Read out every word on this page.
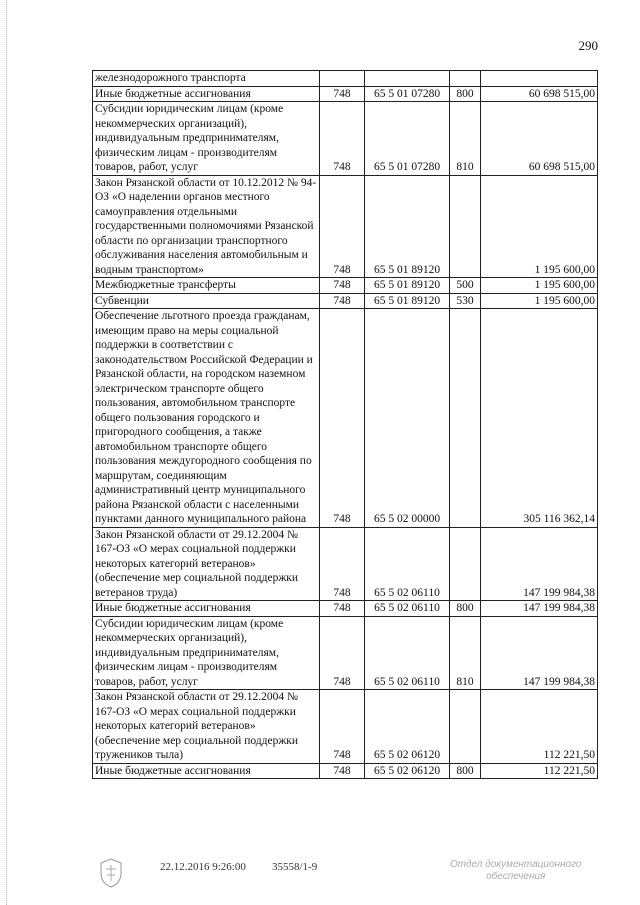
290
железнодорожного транспорта				
Иные бюджетные ассигнования	748	65 5 01 07280	800	60 698 515,00
Субсидии юридическим лицам (кроме некоммерческих организаций), индивидуальным предпринимателям, физическим лицам - производителям товаров, работ, услуг	748	65 5 01 07280	810	60 698 515,00
Закон Рязанской области от 10.12.2012 № 94-ОЗ «О наделении органов местного самоуправления отдельными государственными полномочиями Рязанской области по организации транспортного обслуживания населения автомобильным и водным транспортом»	748	65 5 01 89120		1 195 600,00
Межбюджетные трансферты	748	65 5 01 89120	500	1 195 600,00
Субвенции	748	65 5 01 89120	530	1 195 600,00
Обеспечение льготного проезда гражданам, имеющим право на меры социальной поддержки в соответствии с законодательством Российской Федерации и Рязанской области, на городском наземном электрическом транспорте общего пользования, автомобильном транспорте общего пользования городского и пригородного сообщения, а также автомобильном транспорте общего пользования междугородного сообщения по маршрутам, соединяющим административный центр муниципального района Рязанской области с населенными пунктами данного муниципального района	748	65 5 02 00000		305 116 362,14
Закон Рязанской области от 29.12.2004 № 167-ОЗ «О мерах социальной поддержки некоторых категорий ветеранов» (обеспечение мер социальной поддержки ветеранов труда)	748	65 5 02 06110		147 199 984,38
Иные бюджетные ассигнования	748	65 5 02 06110	800	147 199 984,38
Субсидии юридическим лицам (кроме некоммерческих организаций), индивидуальным предпринимателям, физическим лицам - производителям товаров, работ, услуг	748	65 5 02 06110	810	147 199 984,38
Закон Рязанской области от 29.12.2004 № 167-ОЗ «О мерах социальной поддержки некоторых категорий ветеранов» (обеспечение мер социальной поддержки тружеников тыла)	748	65 5 02 06120		112 221,50
Иные бюджетные ассигнования	748	65 5 02 06120	800	112 221,50
22.12.2016 9:26:00 35558/1-9	Отдел документационного
обеспечения
